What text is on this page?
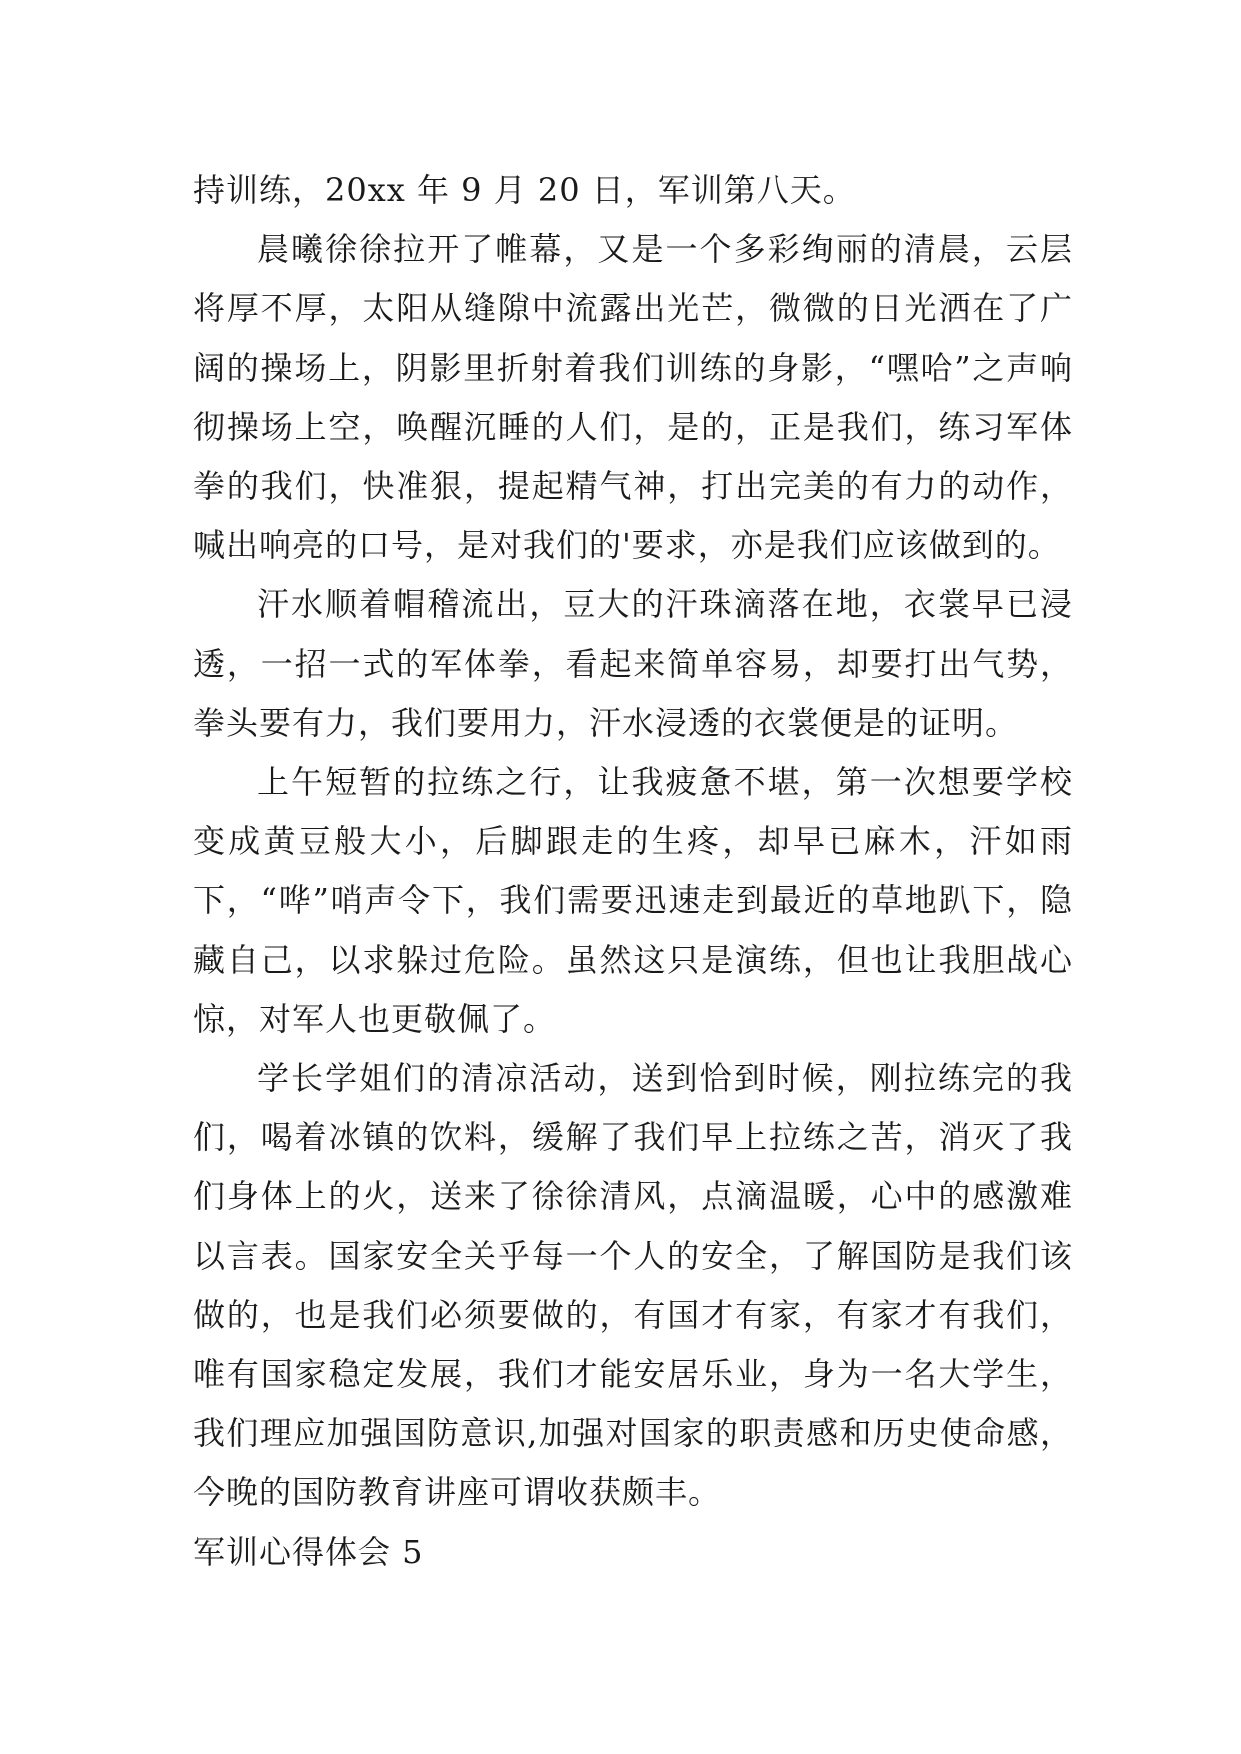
持训练，20xx 年 9 月 20 日，军训第八天。

晨曦徐徐拉开了帷幕，又是一个多彩绚丽的清晨，云层将厚不厚，太阳从缝隙中流露出光芒，微微的日光洒在了广阔的操场上，阴影里折射着我们训练的身影，“嘿哈”之声响彻操场上空，唤醒沉睡的人们，是的，正是我们，练习军体拳的我们，快准狠，提起精气神，打出完美的有力的动作，喊出响亮的口号，是对我们的'要求，亦是我们应该做到的。

汗水顺着帽稽流出，豆大的汗珠滴落在地，衣裳早已浸透，一招一式的军体拳，看起来简单容易，却要打出气势，拳头要有力，我们要用力，汗水浸透的衣裳便是的证明。

上午短暂的拉练之行，让我疲惫不堪，第一次想要学校变成黄豆般大小，后脚跟走的生疼，却早已麻木，汗如雨下，“哗”哨声令下，我们需要迅速走到最近的草地趴下，隐藏自己，以求躲过危险。虽然这只是演练，但也让我胆战心惊，对军人也更敬佩了。

学长学姐们的清凉活动，送到恰到时候，刚拉练完的我们，喝着冰镇的饮料，缓解了我们早上拉练之苦，消灭了我们身体上的火，送来了徐徐清风，点滴温暖，心中的感激难以言表。国家安全关乎每一个人的安全，了解国防是我们该做的，也是我们必须要做的，有国才有家，有家才有我们，唯有国家稳定发展，我们才能安居乐业，身为一名大学生，我们理应加强国防意识,加强对国家的职责感和历史使命感，今晚的国防教育讲座可谓收获颇丰。

军训心得体会 5
